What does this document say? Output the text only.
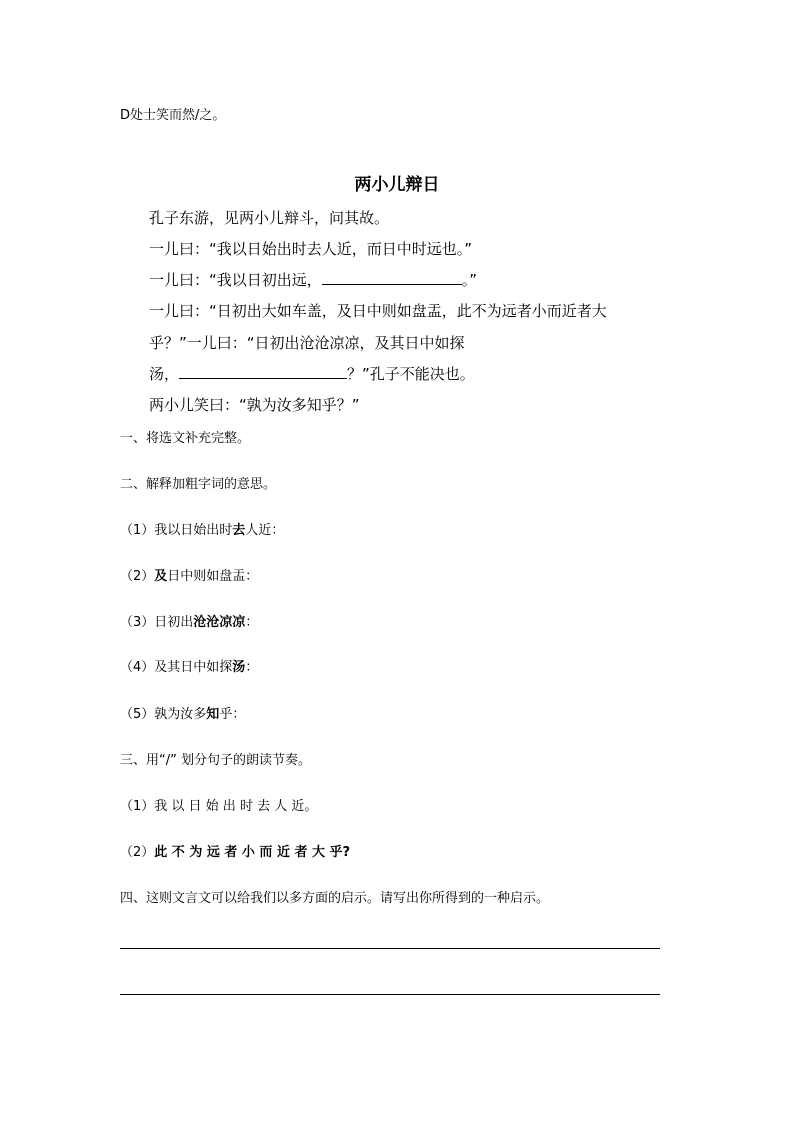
D处士笑而然/之。
两小儿辩日
孔子东游，见两小儿辩斗，问其故。
一儿曰：“我以日始出时去人近，而日中时远也。”
一儿曰：“我以日初出远，	。”
一儿曰：“日初出大如车盖，及日中则如盘盂，此不为远者小而近者大
乎？”一儿曰：“日初出沧沧凉凉，及其日中如探
汤，	？”孔子不能决也。
两小儿笑曰：“孰为汝多知乎？”
一、将选文补充完整。
二、解释加粗字词的意思。
（1）我以日始出时去人近：
（2）及日中则如盘盂：
（3）日初出沧沧凉凉：
（4）及其日中如探汤：
（5）孰为汝多知乎：
三、用“/” 划分句子的朗读节奏。
（1）我 以 日 始 出 时 去 人 近。
（2）此 不 为 远 者 小 而 近 者 大 乎?
四、这则文言文可以给我们以多方面的启示。请写出你所得到的一种启示。
